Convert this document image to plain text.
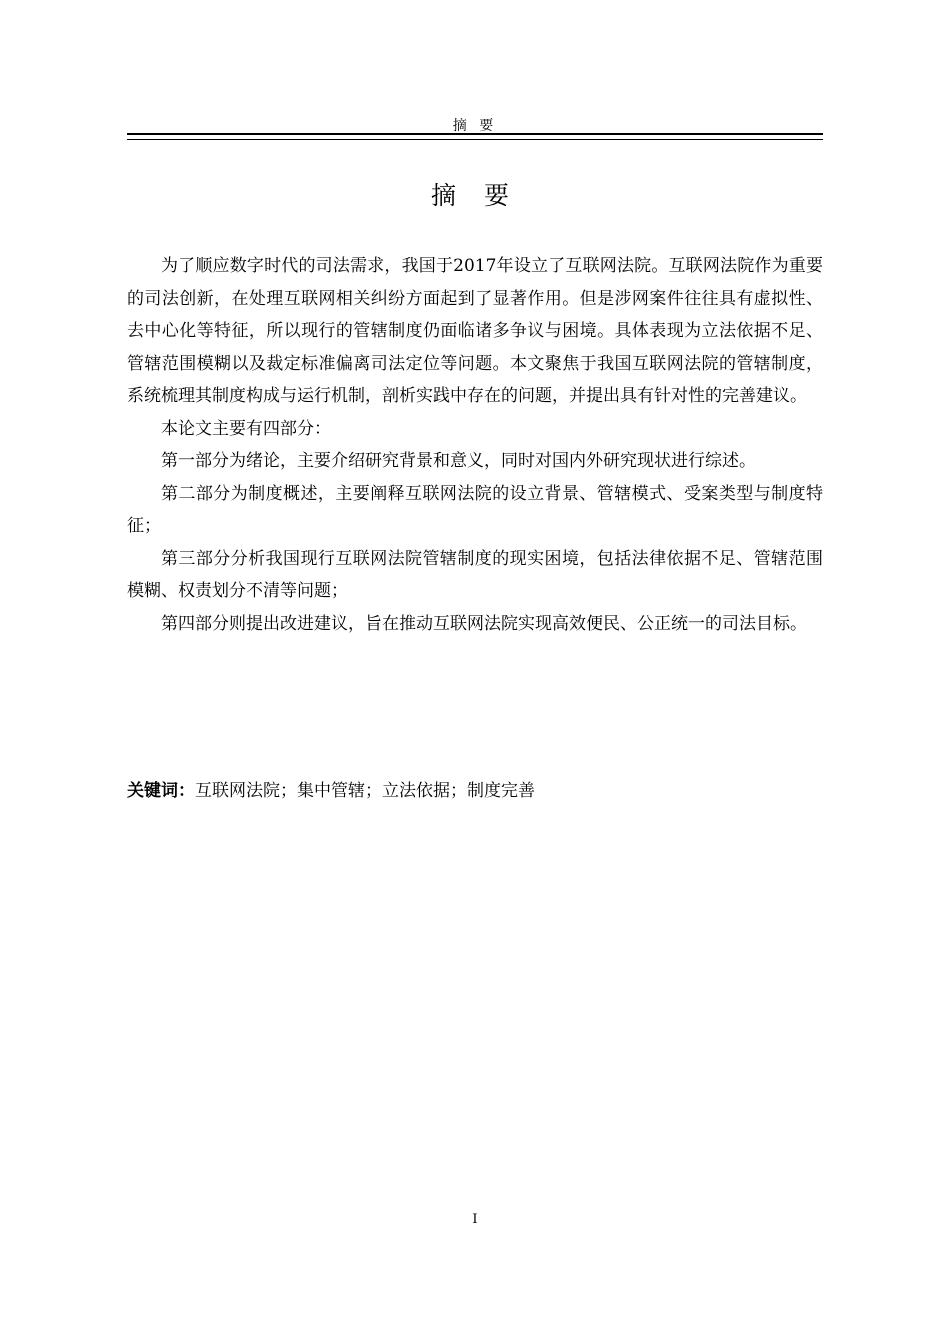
摘 要
摘 要

为了顺应数字时代的司法需求，我国于2017年设立了互联网法院。互联网法院作为重要的司法创新，在处理互联网相关纠纷方面起到了显著作用。但是涉网案件往往具有虚拟性、去中心化等特征，所以现行的管辖制度仍面临诸多争议与困境。具体表现为立法依据不足、管辖范围模糊以及裁定标准偏离司法定位等问题。本文聚焦于我国互联网法院的管辖制度，系统梳理其制度构成与运行机制，剖析实践中存在的问题，并提出具有针对性的完善建议。

本论文主要有四部分：

第一部分为绪论，主要介绍研究背景和意义，同时对国内外研究现状进行综述。

第二部分为制度概述，主要阐释互联网法院的设立背景、管辖模式、受案类型与制度特征；

第三部分分析我国现行互联网法院管辖制度的现实困境，包括法律依据不足、管辖范围模糊、权责划分不清等问题；

第四部分则提出改进建议，旨在推动互联网法院实现高效便民、公正统一的司法目标。

关键词：互联网法院；集中管辖；立法依据；制度完善
I
